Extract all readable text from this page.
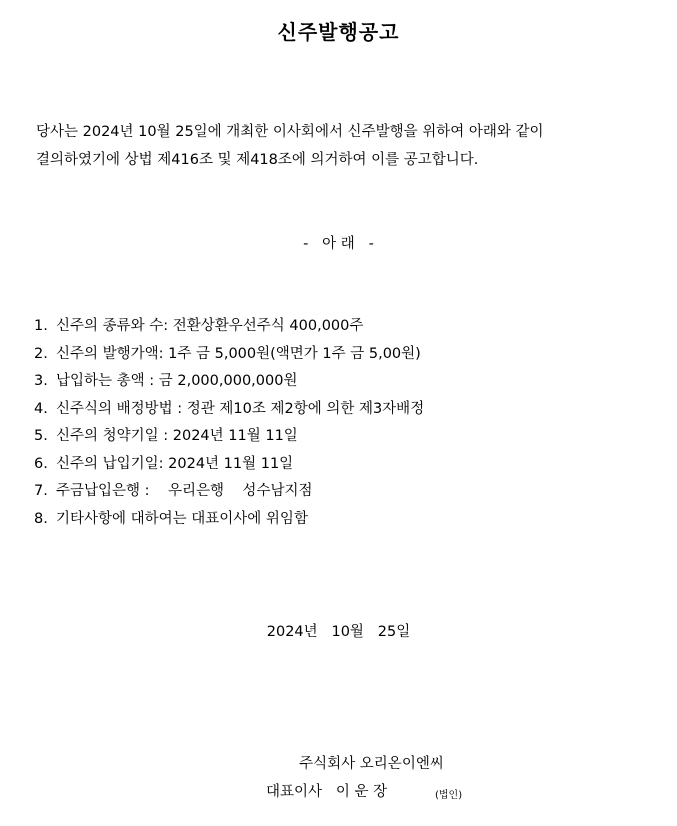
신주발행공고

당사는 2024년 10월 25일에 개최한 이사회에서 신주발행을 위하여 아래와 같이

결의하였기에 상법 제416조 및 제418조에 의거하여 이를 공고합니다.

-   아 래   -
1. 신주의 종류와 수: 전환상환우선주식 400,000주
2. 신주의 발행가액: 1주 금 5,000원(액면가 1주 금 5,00원)
3. 납입하는 총액 : 금 2,000,000,000원
4. 신주식의 배정방법 : 정관 제10조 제2항에 의한 제3자배정
5. 신주의 청약기일 : 2024년 11월 11일
6. 신주의 납입기일: 2024년 11월 11일
7. 주금납입은행 :    우리은행    성수남지점
8. 기타사항에 대하여는 대표이사에 위임함
2024년   10월   25일
주식회사 오리온이엔씨
대표이사   이 운 장	(법인)
